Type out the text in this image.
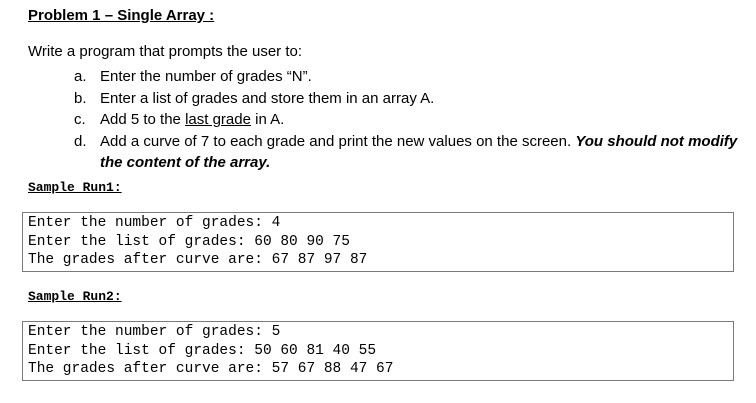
Problem 1 – Single Array :
Write a program that prompts the user to:
a. Enter the number of grades “N”.
b. Enter a list of grades and store them in an array A.
c. Add 5 to the last grade in A.
d. Add a curve of 7 to each grade and print the new values on the screen. You should not modify the content of the array.
Sample Run1:
Enter the number of grades: 4
Enter the list of grades: 60 80 90 75
The grades after curve are: 67 87 97 87
Sample Run2:
Enter the number of grades: 5
Enter the list of grades: 50 60 81 40 55
The grades after curve are: 57 67 88 47 67
